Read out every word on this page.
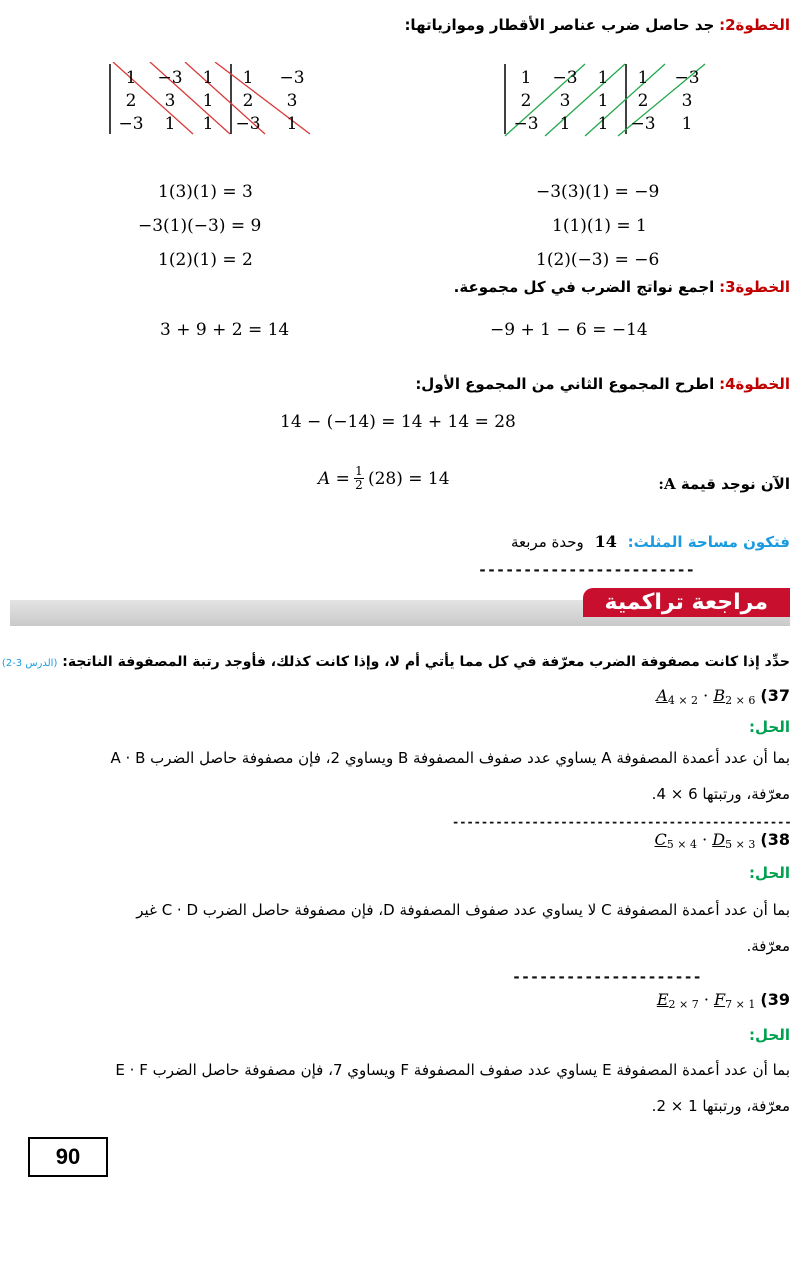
الخطوة2: جد حاصل ضرب عناصر الأقطار وموازياتها:
1	−3	1	1	−3
2	3	1	2	3
−3	1	1	−3	1
1	−3	1	1	−3
2	3	1	2	3
−3	1	1	−3	1
1(3)(1) = 3
−3(1)(−3) = 9
1(2)(1) = 2
−3(3)(1) = −9
1(1)(1) = 1
1(2)(−3) = −6
الخطوة3: اجمع نواتج الضرب في كل مجموعة.
3 + 9 + 2 = 14	−9 + 1 − 6 = −14
الخطوة4: اطرح المجموع الثاني من المجموع الأول:
14 − (−14) = 14 + 14 = 28
الآن نوجد قيمة A:
A = 1
2 (28) = 14
فتكون مساحة المثلث: 14 وحدة مربعة
------------------------
مراجعة تراكمية
حدِّد إذا كانت مصفوفة الضرب معرّفة في كل مما يأتي أم لا، وإذا كانت كذلك، فأوجد رتبة المصفوفة الناتجة: (الدرس 3-2)
$A_{4 \times 2} \cdot B_{2 \times 6}$ (37
الحل:
بما أن عدد أعمدة المصفوفة A يساوي عدد صفوف المصفوفة B ويساوي 2، فإن مصفوفة حاصل الضرب A · B
معرّفة، ورتبتها 6 × 4.
-----------------------------------------------
$C_{5 \times 4} \cdot D_{5 \times 3}$ (38
الحل:
بما أن عدد أعمدة المصفوفة C لا يساوي عدد صفوف المصفوفة D، فإن مصفوفة حاصل الضرب C · D غير
معرّفة.
---------------------
$E_{2 \times 7} \cdot F_{7 \times 1}$ (39
الحل:
بما أن عدد أعمدة المصفوفة E يساوي عدد صفوف المصفوفة F ويساوي 7، فإن مصفوفة حاصل الضرب E · F
معرّفة، ورتبتها 1 × 2.
90
